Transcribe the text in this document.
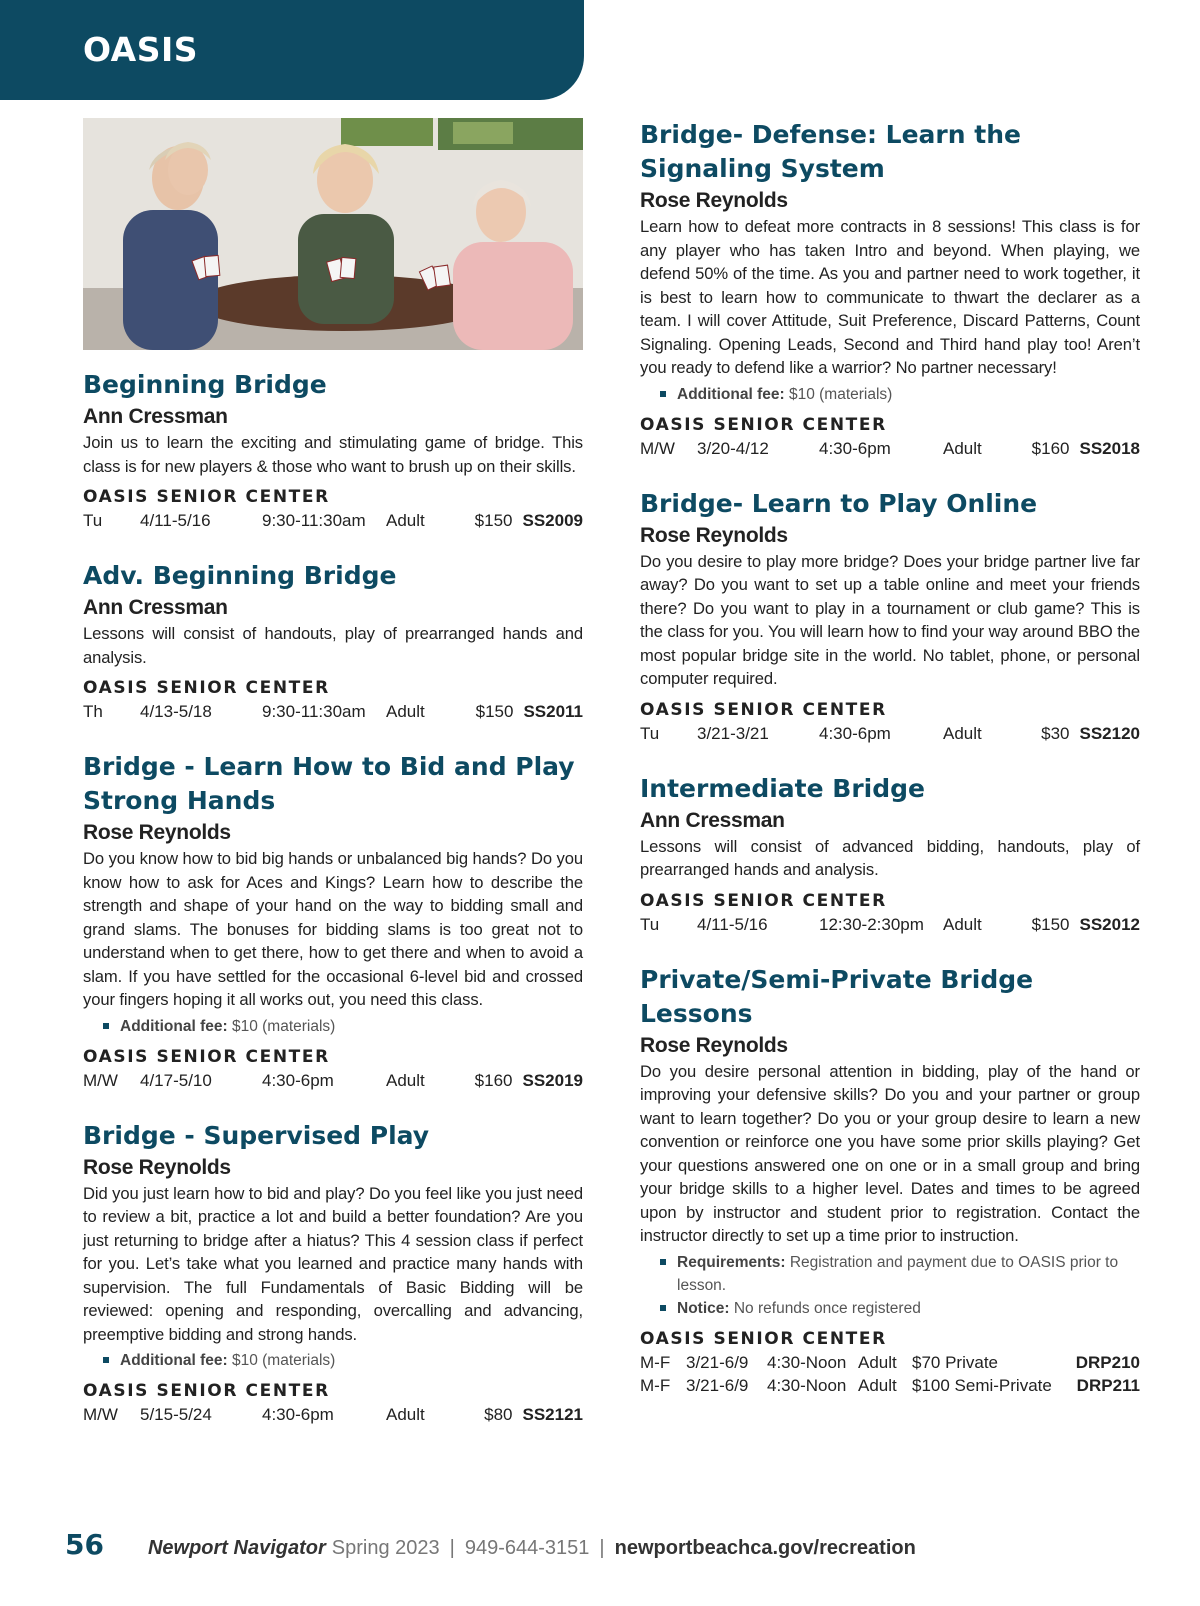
OASIS
Beginning Bridge
Ann Cressman
Join us to learn the exciting and stimulating game of bridge. This class is for new players & those who want to brush up on their skills.
OASIS SENIOR CENTER
Tu	4/11-5/16	9:30-11:30am	Adult	$150 SS2009
Adv. Beginning Bridge
Ann Cressman
Lessons will consist of handouts, play of prearranged hands and analysis.
OASIS SENIOR CENTER
Th	4/13-5/18	9:30-11:30am	Adult	$150 SS2011
Bridge - Learn How to Bid and Play Strong Hands
Rose Reynolds
Do you know how to bid big hands or unbalanced big hands? Do you know how to ask for Aces and Kings? Learn how to describe the strength and shape of your hand on the way to bidding small and grand slams. The bonuses for bidding slams is too great not to understand when to get there, how to get there and when to avoid a slam. If you have settled for the occasional 6-level bid and crossed your fingers hoping it all works out, you need this class.
Additional fee: $10 (materials)
OASIS SENIOR CENTER
M/W	4/17-5/10	4:30-6pm	Adult	$160 SS2019
Bridge - Supervised Play
Rose Reynolds
Did you just learn how to bid and play? Do you feel like you just need to review a bit, practice a lot and build a better foundation? Are you just returning to bridge after a hiatus? This 4 session class if perfect for you. Let’s take what you learned and practice many hands with supervision. The full Fundamentals of Basic Bidding will be reviewed: opening and responding, overcalling and advancing, preemptive bidding and strong hands.
Additional fee: $10 (materials)
OASIS SENIOR CENTER
M/W	5/15-5/24	4:30-6pm	Adult	$80 SS2121
Bridge- Defense: Learn the Signaling System
Rose Reynolds
Learn how to defeat more contracts in 8 sessions! This class is for any player who has taken Intro and beyond. When playing, we defend 50% of the time. As you and partner need to work together, it is best to learn how to communicate to thwart the declarer as a team. I will cover Attitude, Suit Preference, Discard Patterns, Count Signaling. Opening Leads, Second and Third hand play too! Aren’t you ready to defend like a warrior? No partner necessary!
Additional fee: $10 (materials)
OASIS SENIOR CENTER
M/W	3/20-4/12	4:30-6pm	Adult	$160 SS2018
Bridge- Learn to Play Online
Rose Reynolds
Do you desire to play more bridge? Does your bridge partner live far away? Do you want to set up a table online and meet your friends there? Do you want to play in a tournament or club game? This is the class for you. You will learn how to find your way around BBO the most popular bridge site in the world. No tablet, phone, or personal computer required.
OASIS SENIOR CENTER
Tu	3/21-3/21	4:30-6pm	Adult	$30 SS2120
Intermediate Bridge
Ann Cressman
Lessons will consist of advanced bidding, handouts, play of prearranged hands and analysis.
OASIS SENIOR CENTER
Tu	4/11-5/16	12:30-2:30pm	Adult	$150 SS2012
Private/Semi-Private Bridge Lessons
Rose Reynolds
Do you desire personal attention in bidding, play of the hand or improving your defensive skills? Do you and your partner or group want to learn together? Do you or your group desire to learn a new convention or reinforce one you have some prior skills playing? Get your questions answered one on one or in a small group and bring your bridge skills to a higher level. Dates and times to be agreed upon by instructor and student prior to registration. Contact the instructor directly to set up a time prior to instruction.
Requirements: Registration and payment due to OASIS prior to lesson.
Notice: No refunds once registered
OASIS SENIOR CENTER
M-F 3/21-6/9	4:30-Noon Adult $70 Private	DRP210
M-F 3/21-6/9	4:30-Noon Adult $100 Semi-Private	DRP211
56 Newport Navigator Spring 2023 | 949-644-3151 | newportbeachca.gov/recreation
